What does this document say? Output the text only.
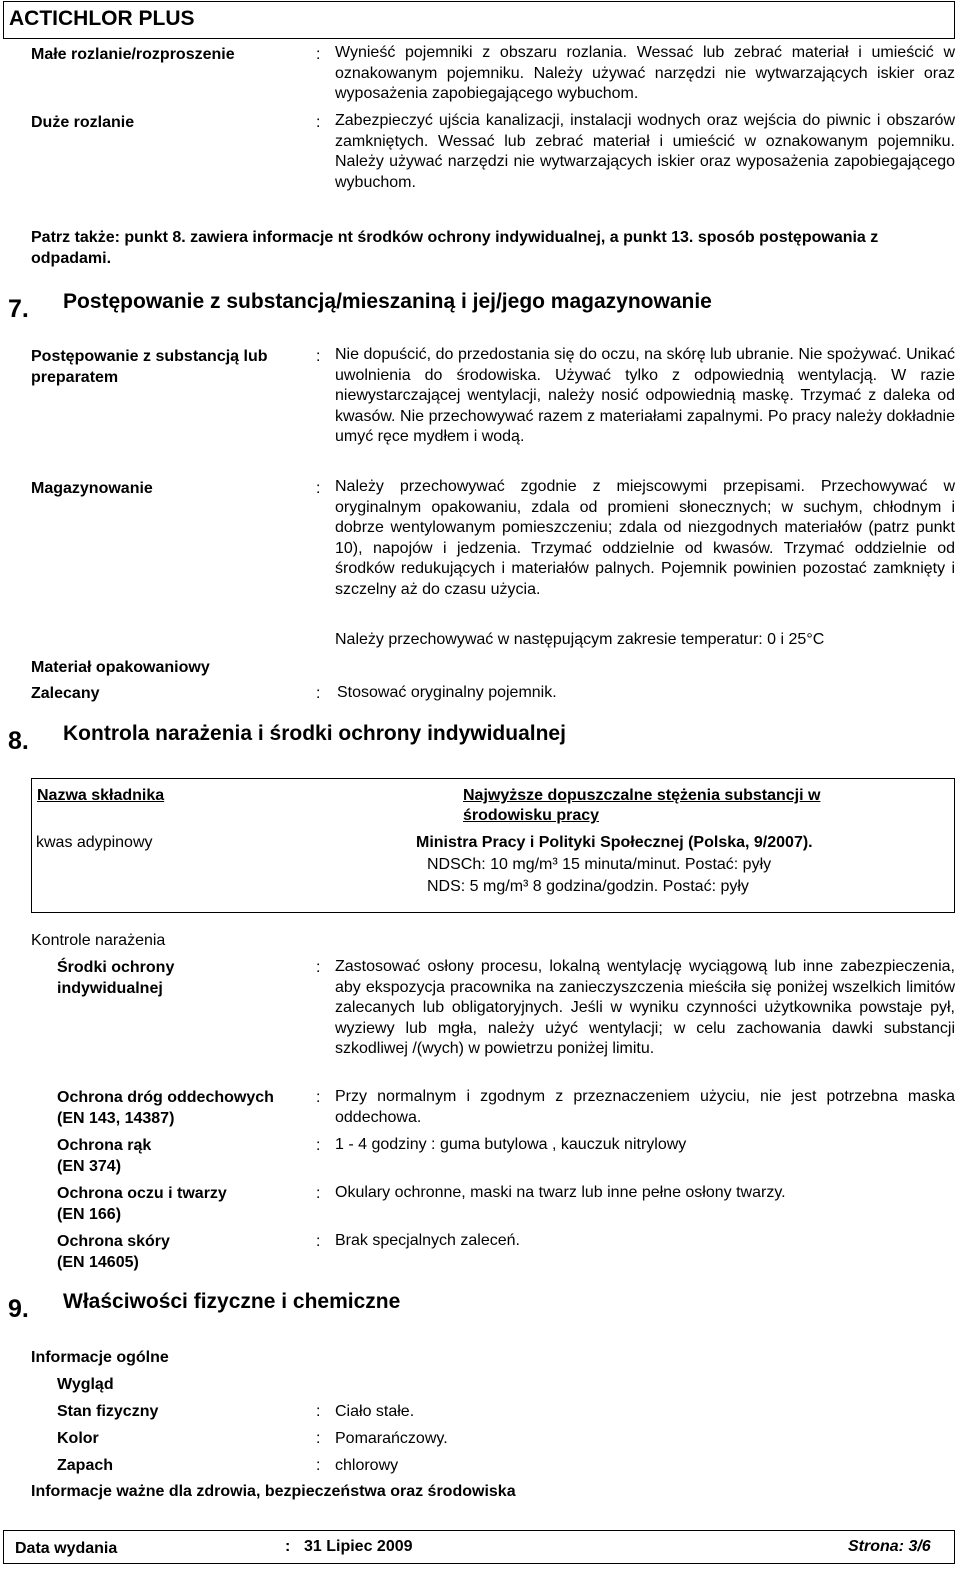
ACTICHLOR PLUS
Małe rozlanie/rozproszenie	: Wynieść pojemniki z obszaru rozlania. Wessać lub zebrać materiał i umieścić w oznakowanym pojemniku. Należy używać narzędzi nie wytwarzających iskier oraz wyposażenia zapobiegającego wybuchom.
Duże rozlanie	: Zabezpieczyć ujścia kanalizacji, instalacji wodnych oraz wejścia do piwnic i obszarów zamkniętych. Wessać lub zebrać materiał i umieścić w oznakowanym pojemniku. Należy używać narzędzi nie wytwarzających iskier oraz wyposażenia zapobiegającego wybuchom.
Patrz także: punkt 8. zawiera informacje nt środków ochrony indywidualnej, a punkt 13. sposób postępowania z odpadami.
7. Postępowanie z substancją/mieszaniną i jej/jego magazynowanie
Postępowanie z substancją lub preparatem
: Nie dopuścić, do przedostania się do oczu, na skórę lub ubranie. Nie spożywać. Unikać uwolnienia do środowiska. Używać tylko z odpowiednią wentylacją. W razie niewystarczającej wentylacji, należy nosić odpowiednią maskę. Trzymać z daleka od kwasów. Nie przechowywać razem z materiałami zapalnymi. Po pracy należy dokładnie umyć ręce mydłem i wodą.
Magazynowanie	: Należy przechowywać zgodnie z miejscowymi przepisami. Przechowywać w oryginalnym opakowaniu, zdala od promieni słonecznych; w suchym, chłodnym i dobrze wentylowanym pomieszczeniu; zdala od niezgodnych materiałów (patrz punkt 10), napojów i jedzenia. Trzymać oddzielnie od kwasów. Trzymać oddzielnie od środków redukujących i materiałów palnych. Pojemnik powinien pozostać zamknięty i szczelny aż do czasu użycia.
Należy przechowywać w następującym zakresie temperatur: 0 i 25°C
Materiał opakowaniowy
Zalecany	:	Stosować oryginalny pojemnik.
8. Kontrola narażenia i środki ochrony indywidualnej
Nazwa składnika	Najwyższe dopuszczalne stężenia substancji w
środowisku pracy
kwas adypinowy	Ministra Pracy i Polityki Społecznej (Polska, 9/2007).
NDSCh: 10 mg/m³ 15 minuta/minut. Postać: pyły
NDS: 5 mg/m³ 8 godzina/godzin. Postać: pyły
Kontrole narażenia
Środki ochrony
indywidualnej
: Zastosować osłony procesu, lokalną wentylację wyciągową lub inne zabezpieczenia, aby ekspozycja pracownika na zanieczyszczenia mieściła się poniżej wszelkich limitów zalecanych lub obligatoryjnych. Jeśli w wyniku czynności użytkownika powstaje pył, wyziewy lub mgła, należy użyć wentylacji; w celu zachowania dawki substancji szkodliwej /(wych) w powietrzu poniżej limitu.
Ochrona dróg oddechowych
(EN 143, 14387)
: Przy normalnym i zgodnym z przeznaczeniem użyciu, nie jest potrzebna maska oddechowa.
Ochrona rąk
(EN 374)
: 1 - 4 godziny : guma butylowa , kauczuk nitrylowy
Ochrona oczu i twarzy
(EN 166)
: Okulary ochronne, maski na twarz lub inne pełne osłony twarzy.
Ochrona skóry
(EN 14605)
: Brak specjalnych zaleceń.
9. Właściwości fizyczne i chemiczne
Informacje ogólne
Wygląd
Stan fizyczny	: Ciało stałe.
Kolor	: Pomarańczowy.
Zapach	: chlorowy
Informacje ważne dla zdrowia, bezpieczeństwa oraz środowiska
Data wydania	: 31 Lipiec 2009	Strona: 3/6
